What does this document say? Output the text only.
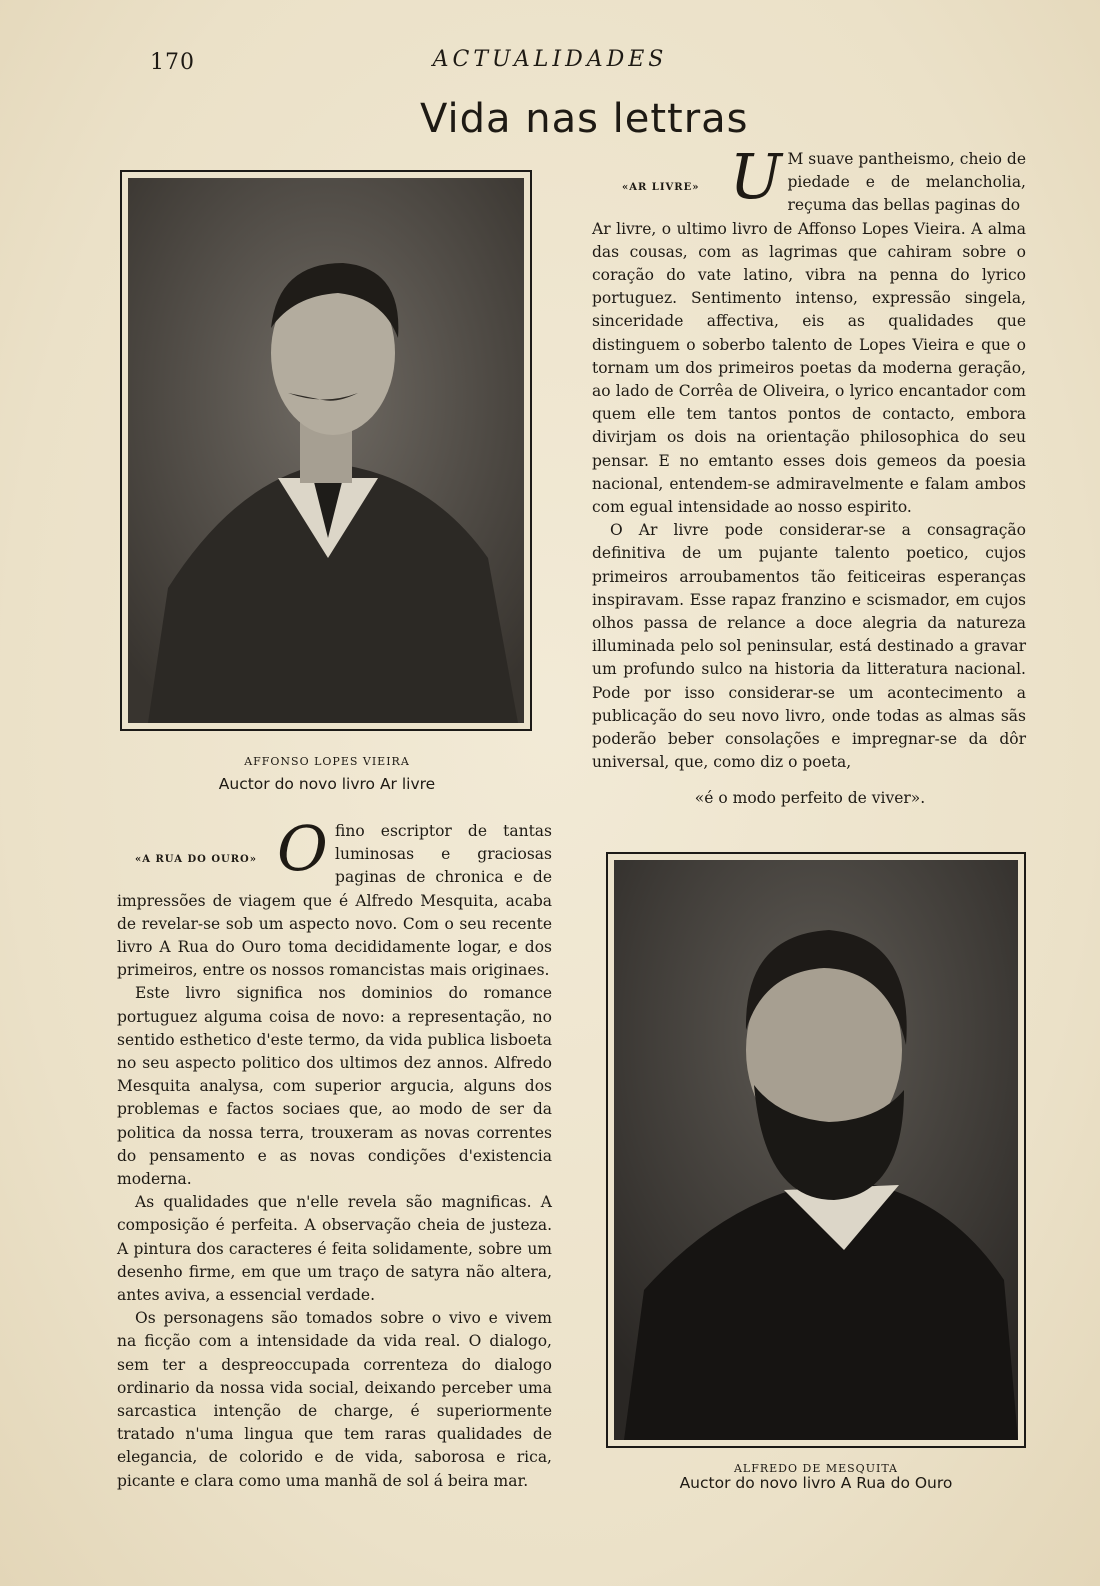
170	ACTUALIDADES
Vida nas lettras
AFFONSO LOPES VIEIRA
Auctor do novo livro Ar livre

«AR LIVRE» U M suave pantheismo, cheio de piedade e de melancholia, reçuma das bellas paginas do

Ar livre, o ultimo livro de Affonso Lopes Vieira. A alma das cousas, com as lagrimas que cahiram sobre o coração do vate latino, vibra na penna do lyrico portuguez. Sentimento intenso, expressão singela, sinceridade affectiva, eis as qualidades que distinguem o soberbo talento de Lopes Vieira e que o tornam um dos primeiros poetas da moderna geração, ao lado de Corrêa de Oliveira, o lyrico encantador com quem elle tem tantos pontos de contacto, embora divirjam os dois na orientação philosophica do seu pensar. E no emtanto esses dois gemeos da poesia nacional, entendem-se admiravelmente e falam ambos com egual intensidade ao nosso espirito.

O Ar livre pode considerar-se a consagração definitiva de um pujante talento poetico, cujos primeiros arroubamentos tão feiticeiras esperanças inspiravam. Esse rapaz franzino e scismador, em cujos olhos passa de relance a doce alegria da natureza illuminada pelo sol peninsular, está destinado a gravar um profundo sulco na historia da litteratura nacional. Pode por isso considerar-se um acontecimento a publicação do seu novo livro, onde todas as almas sãs poderão beber consolações e impregnar-se da dôr universal, que, como diz o poeta,

«é o modo perfeito de viver».

«A RUA DO OURO» O fino escriptor de tantas luminosas e graciosas paginas de chronica e de impressões de viagem que é Alfredo Mesquita, acaba de revelar-se sob um aspecto novo. Com o seu recente livro A Rua do Ouro toma decididamente logar, e dos primeiros, entre os nossos romancistas mais originaes.

Este livro significa nos dominios do romance portuguez alguma coisa de novo: a representação, no sentido esthetico d'este termo, da vida publica lisboeta no seu aspecto politico dos ultimos dez annos. Alfredo Mesquita analysa, com superior argucia, alguns dos problemas e factos sociaes que, ao modo de ser da politica da nossa terra, trouxeram as novas correntes do pensamento e as novas condições d'existencia moderna.

As qualidades que n'elle revela são magnificas. A composição é perfeita. A observação cheia de justeza. A pintura dos caracteres é feita solidamente, sobre um desenho firme, em que um traço de satyra não altera, antes aviva, a essencial verdade.

Os personagens são tomados sobre o vivo e vivem na ficção com a intensidade da vida real. O dialogo, sem ter a despreoccupada correnteza do dialogo ordinario da nossa vida social, deixando perceber uma sarcastica intenção de charge, é superiormente tratado n'uma lingua que tem raras qualidades de elegancia, de colorido e de vida, saborosa e rica, picante e clara como uma manhã de sol á beira mar.

ALFREDO DE MESQUITA
Auctor do novo livro A Rua do Ouro
